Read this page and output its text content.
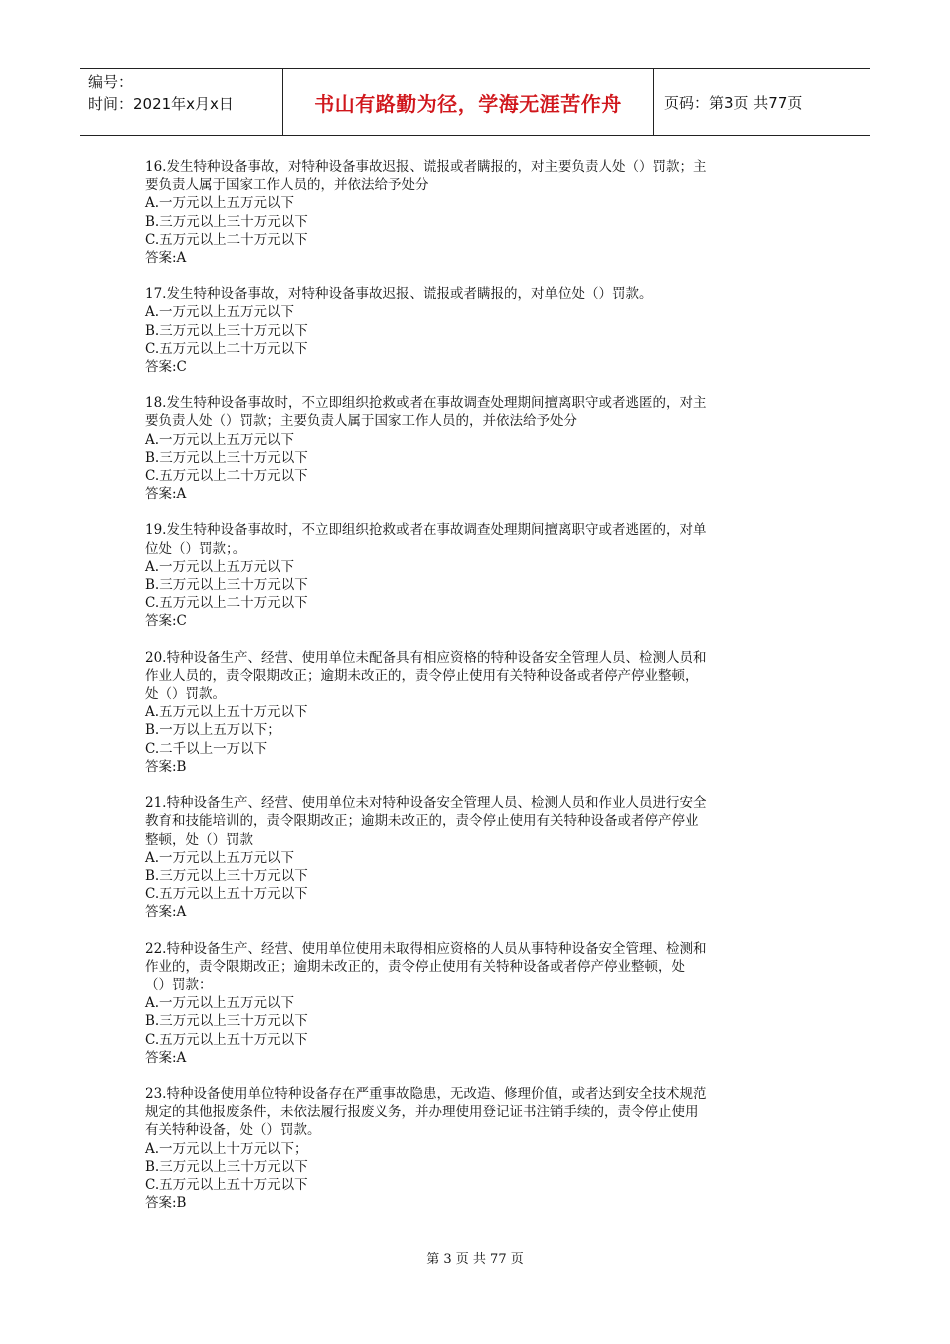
编号：
时间：2021年x月x日	书山有路勤为径，学海无涯苦作舟	页码：第3页 共77页
16.发生特种设备事故，对特种设备事故迟报、谎报或者瞒报的，对主要负责人处（）罚款；主
要负责人属于国家工作人员的，并依法给予处分
A.一万元以上五万元以下
B.三万元以上三十万元以下
C.五万元以上二十万元以下
答案:A
17.发生特种设备事故，对特种设备事故迟报、谎报或者瞒报的，对单位处（）罚款。
A.一万元以上五万元以下
B.三万元以上三十万元以下
C.五万元以上二十万元以下
答案:C
18.发生特种设备事故时，不立即组织抢救或者在事故调查处理期间擅离职守或者逃匿的，对主
要负责人处（）罚款；主要负责人属于国家工作人员的，并依法给予处分
A.一万元以上五万元以下
B.三万元以上三十万元以下
C.五万元以上二十万元以下
答案:A
19.发生特种设备事故时，不立即组织抢救或者在事故调查处理期间擅离职守或者逃匿的，对单
位处（）罚款；。
A.一万元以上五万元以下
B.三万元以上三十万元以下
C.五万元以上二十万元以下
答案:C
20.特种设备生产、经营、使用单位未配备具有相应资格的特种设备安全管理人员、检测人员和
作业人员的，责令限期改正；逾期未改正的，责令停止使用有关特种设备或者停产停业整顿，
处（）罚款。
A.五万元以上五十万元以下
B.一万以上五万以下；
C.二千以上一万以下
答案:B
21.特种设备生产、经营、使用单位未对特种设备安全管理人员、检测人员和作业人员进行安全
教育和技能培训的，责令限期改正；逾期未改正的，责令停止使用有关特种设备或者停产停业
整顿，处（）罚款
A.一万元以上五万元以下
B.三万元以上三十万元以下
C.五万元以上五十万元以下
答案:A
22.特种设备生产、经营、使用单位使用未取得相应资格的人员从事特种设备安全管理、检测和
作业的，责令限期改正；逾期未改正的，责令停止使用有关特种设备或者停产停业整顿，处
（）罚款：
A.一万元以上五万元以下
B.三万元以上三十万元以下
C.五万元以上五十万元以下
答案:A
23.特种设备使用单位特种设备存在严重事故隐患，无改造、修理价值，或者达到安全技术规范
规定的其他报废条件，未依法履行报废义务，并办理使用登记证书注销手续的，责令停止使用
有关特种设备，处（）罚款。
A.一万元以上十万元以下；
B.三万元以上三十万元以下
C.五万元以上五十万元以下
答案:B
第 3 页 共 77 页
